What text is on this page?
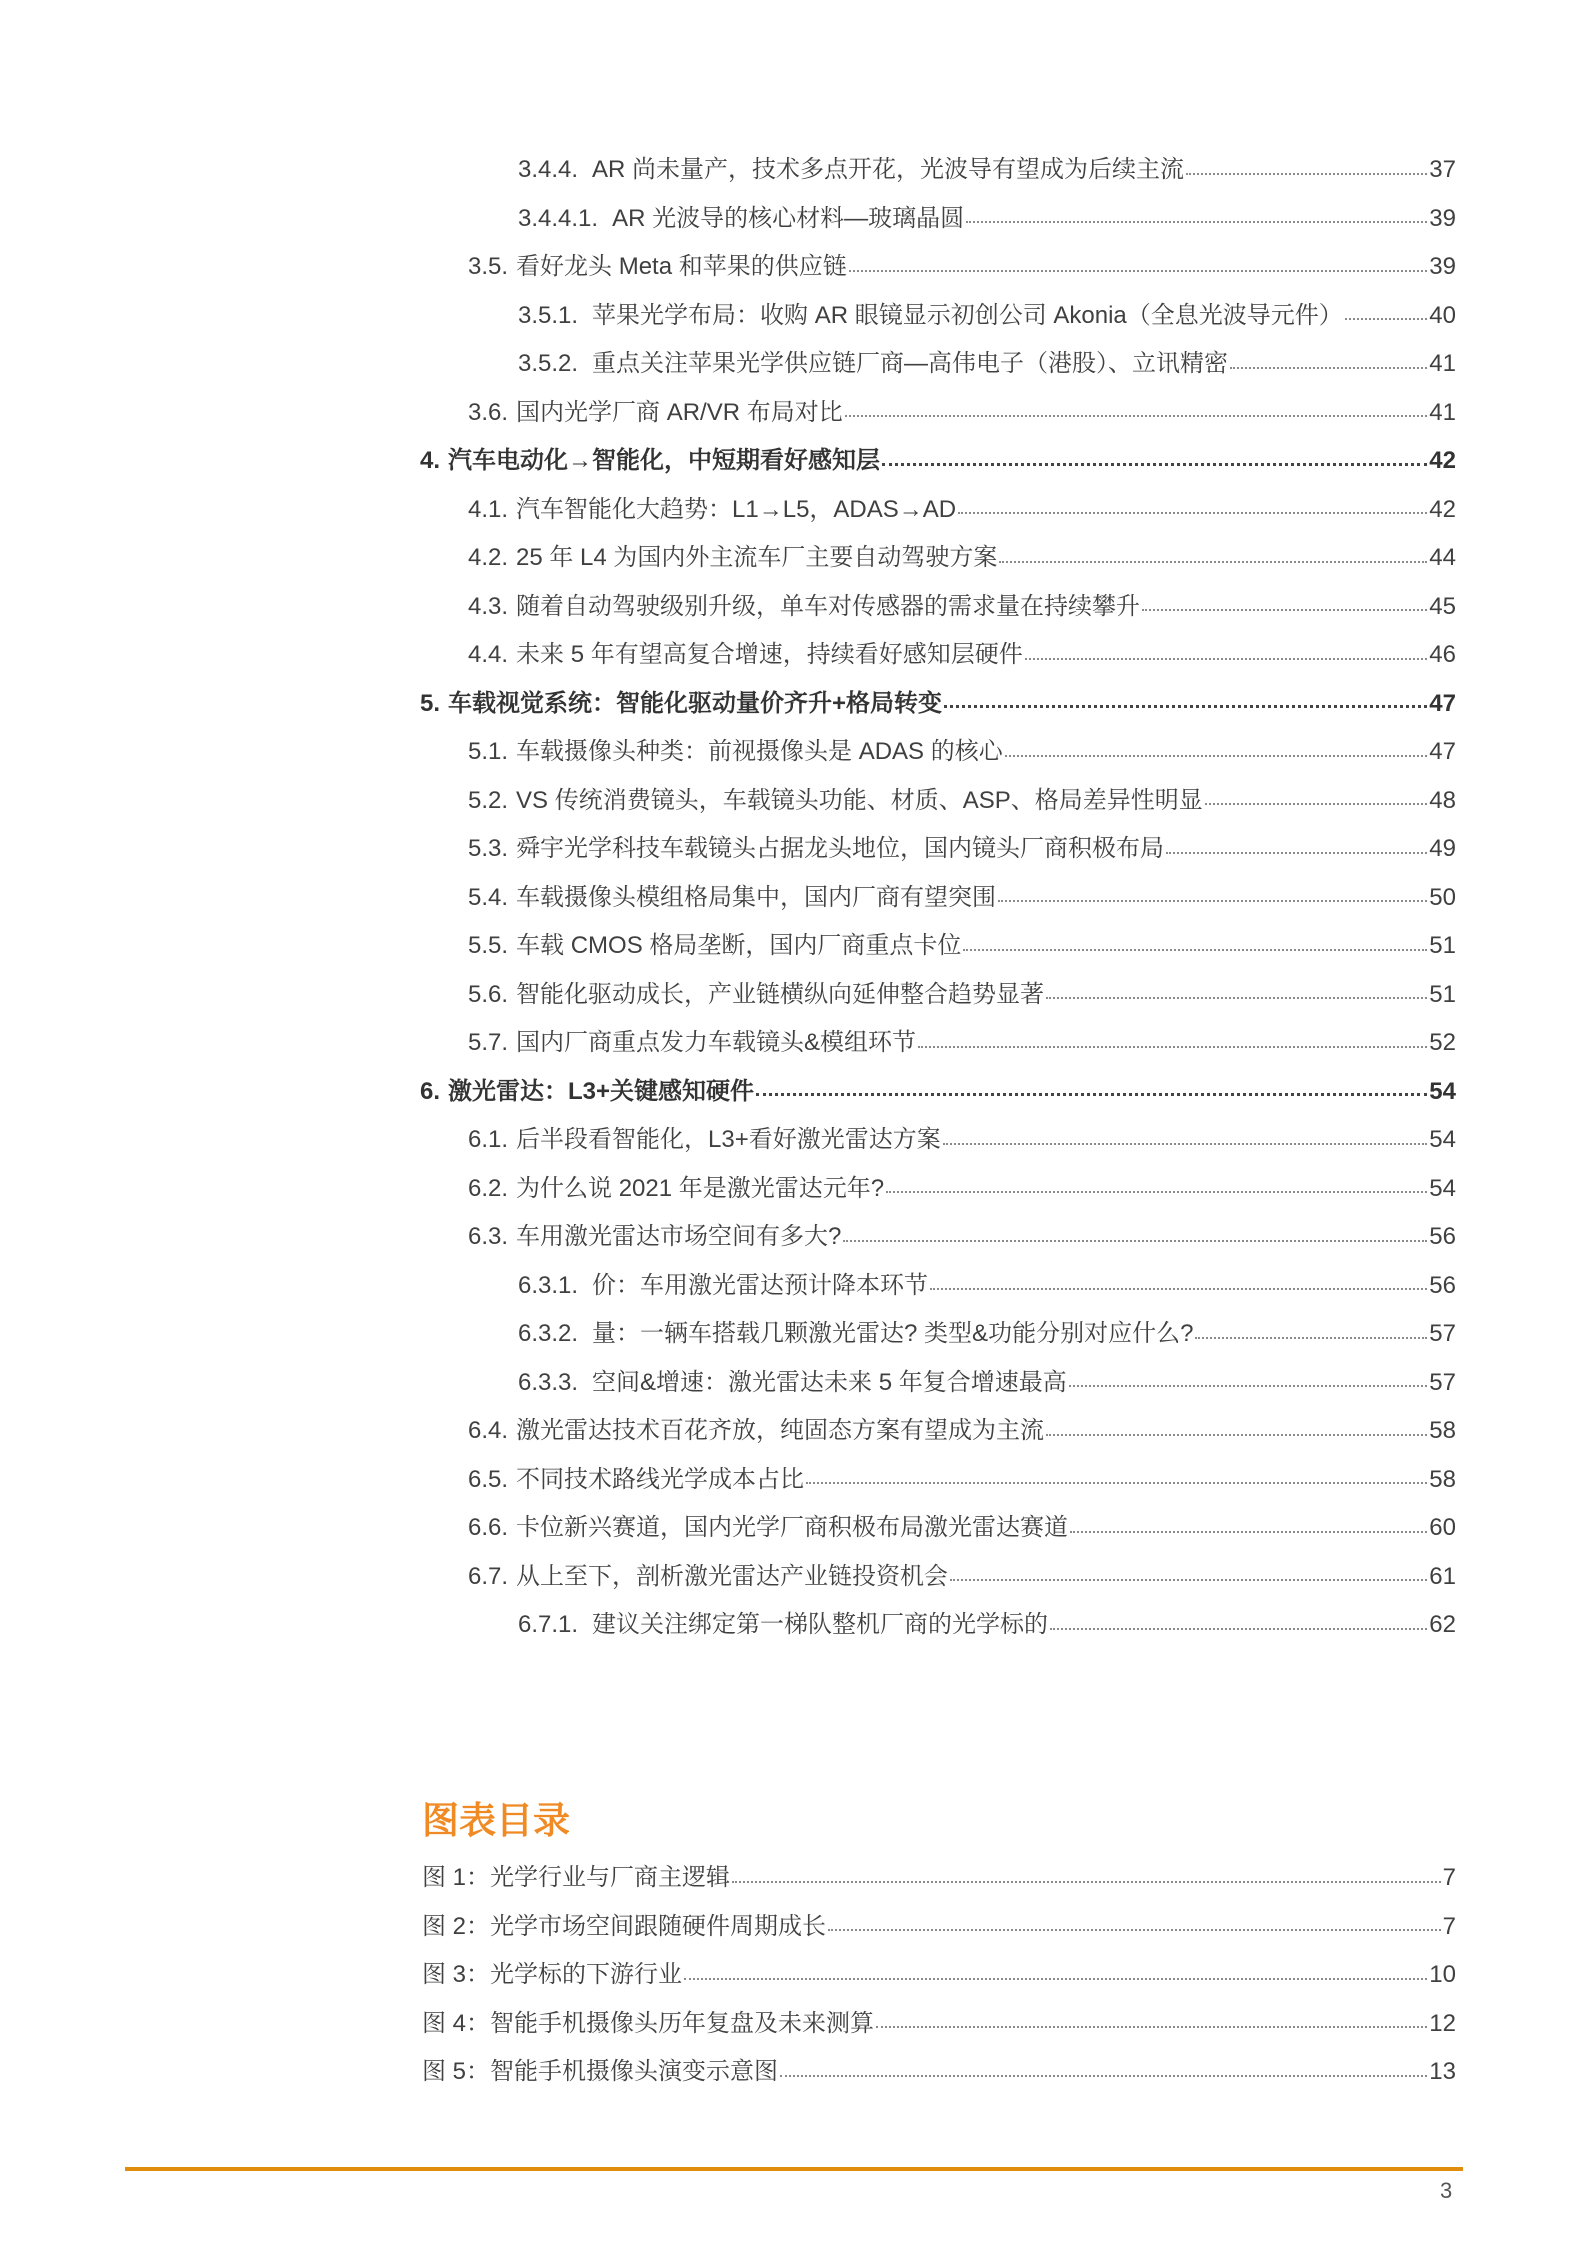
3.4.4. AR 尚未量产，技术多点开花，光波导有望成为后续主流	37
3.4.4.1. AR 光波导的核心材料—玻璃晶圆	39
3.5. 看好龙头 Meta 和苹果的供应链	39
3.5.1. 苹果光学布局：收购 AR 眼镜显示初创公司 Akonia（全息光波导元件）	40
3.5.2. 重点关注苹果光学供应链厂商—高伟电子（港股）、立讯精密	41
3.6. 国内光学厂商 AR/VR 布局对比	41
4. 汽车电动化→智能化，中短期看好感知层	42
4.1. 汽车智能化大趋势：L1→L5，ADAS→AD	42
4.2. 25 年 L4 为国内外主流车厂主要自动驾驶方案	44
4.3. 随着自动驾驶级别升级，单车对传感器的需求量在持续攀升	45
4.4. 未来 5 年有望高复合增速，持续看好感知层硬件	46
5. 车载视觉系统：智能化驱动量价齐升+格局转变	47
5.1. 车载摄像头种类：前视摄像头是 ADAS 的核心	47
5.2. VS 传统消费镜头，车载镜头功能、材质、ASP、格局差异性明显	48
5.3. 舜宇光学科技车载镜头占据龙头地位，国内镜头厂商积极布局	49
5.4. 车载摄像头模组格局集中，国内厂商有望突围	50
5.5. 车载 CMOS 格局垄断，国内厂商重点卡位	51
5.6. 智能化驱动成长，产业链横纵向延伸整合趋势显著	51
5.7. 国内厂商重点发力车载镜头&模组环节	52
6. 激光雷达：L3+关键感知硬件	54
6.1. 后半段看智能化，L3+看好激光雷达方案	54
6.2. 为什么说 2021 年是激光雷达元年?	54
6.3. 车用激光雷达市场空间有多大?	56
6.3.1. 价：车用激光雷达预计降本环节	56
6.3.2. 量：一辆车搭载几颗激光雷达? 类型&功能分别对应什么?	57
6.3.3. 空间&增速：激光雷达未来 5 年复合增速最高	57
6.4. 激光雷达技术百花齐放，纯固态方案有望成为主流	58
6.5. 不同技术路线光学成本占比	58
6.6. 卡位新兴赛道，国内光学厂商积极布局激光雷达赛道	60
6.7. 从上至下，剖析激光雷达产业链投资机会	61
6.7.1. 建议关注绑定第一梯队整机厂商的光学标的	62
图表目录
图 1： 光学行业与厂商主逻辑	7
图 2： 光学市场空间跟随硬件周期成长	7
图 3： 光学标的下游行业	10
图 4： 智能手机摄像头历年复盘及未来测算	12
图 5： 智能手机摄像头演变示意图	13
3
